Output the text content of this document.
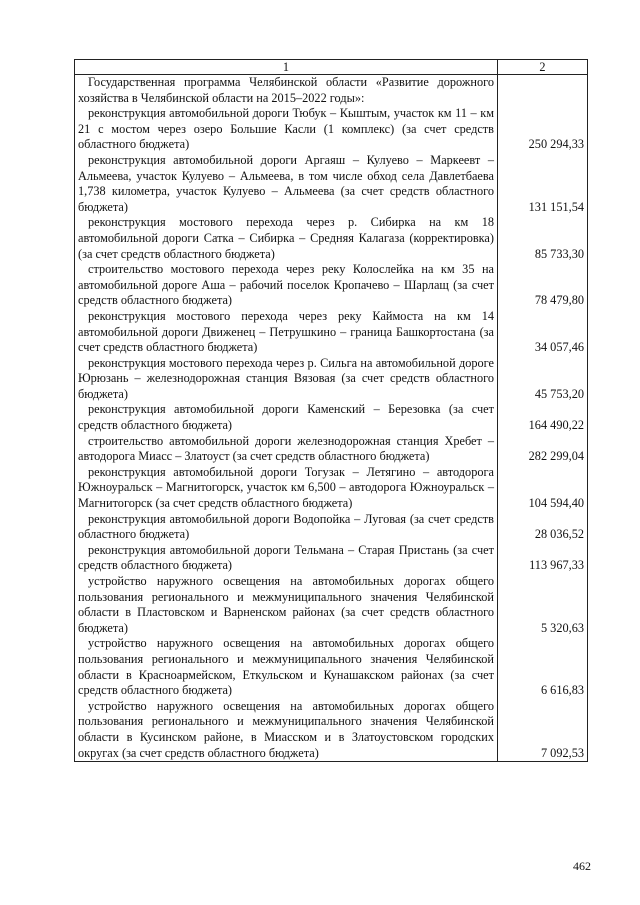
1	2

Государственная программа Челябинской области «Развитие дорожного хозяйства в Челябинской области на 2015–2022 годы»:	

реконструкция автомобильной дороги Тюбук – Кыштым, участок км 11 – км 21 с мостом через озеро Большие Касли (1 комплекс) (за счет средств областного бюджета)	250 294,33

реконструкция автомобильной дороги Аргаяш – Кулуево – Маркеевт – Альмеева, участок Кулуево – Альмеева, в том числе обход села Давлетбаева 1,738 километра, участок Кулуево – Альмеева (за счет средств областного бюджета)	131 151,54

реконструкция мостового перехода через р. Сибирка на км 18 автомобильной дороги Сатка – Сибирка – Средняя Калагаза (корректировка) (за счет средств областного бюджета)	85 733,30

строительство мостового перехода через реку Колослейка на км 35 на автомобильной дороге Аша – рабочий поселок Кропачево – Шарлащ (за счет средств областного бюджета)	78 479,80

реконструкция мостового перехода через реку Каймоста на км 14 автомобильной дороги Движенец – Петрушкино – граница Башкортостана (за счет средств областного бюджета)	34 057,46

реконструкция мостового перехода через р. Сильга на автомобильной дороге Юрюзань – железнодорожная станция Вязовая (за счет средств областного бюджета)	45 753,20

реконструкция автомобильной дороги Каменский – Березовка (за счет средств областного бюджета)	164 490,22

строительство автомобильной дороги железнодорожная станция Хребет – автодорога Миасс – Златоуст (за счет средств областного бюджета)	282 299,04

реконструкция автомобильной дороги Тогузак – Летягино – автодорога Южноуральск – Магнитогорск, участок км 6,500 – автодорога Южноуральск – Магнитогорск (за счет средств областного бюджета)	104 594,40

реконструкция автомобильной дороги Водопойка – Луговая (за счет средств областного бюджета)	28 036,52

реконструкция автомобильной дороги Тельмана – Старая Пристань (за счет средств областного бюджета)	113 967,33

устройство наружного освещения на автомобильных дорогах общего пользования регионального и межмуниципального значения Челябинской области в Пластовском и Варненском районах (за счет средств областного бюджета)	5 320,63

устройство наружного освещения на автомобильных дорогах общего пользования регионального и межмуниципального значения Челябинской области в Красноармейском, Еткульском и Кунашакском районах (за счет средств областного бюджета)	6 616,83

устройство наружного освещения на автомобильных дорогах общего пользования регионального и межмуниципального значения Челябинской области в Кусинском районе, в Миасском и в Златоустовском городских округах (за счет средств областного бюджета)	7 092,53
462
